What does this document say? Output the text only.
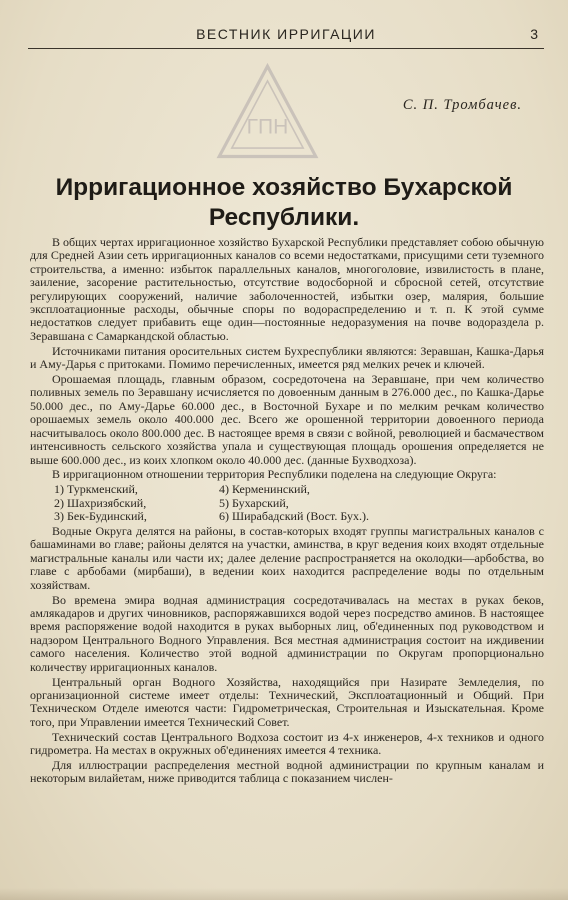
ВЕСТНИК ИРРИГАЦИИ	3
ГПН
С. П. Тромбачев.
Ирригационное хозяйство Бухарской
Республики.

В общих чертах ирригационное хозяйство Бухарской Республики представляет собою обычную для Средней Азии сеть ирригационных каналов со всеми недостатками, присущими сети туземного строительства, а именно: избыток параллельных каналов, многоголовие, извилистость в плане, заиление, засорение растительностью, отсутствие водосборной и сбросной сетей, отсутствие регулирующих сооружений, наличие заболоченностей, избытки озер, малярия, большие эксплоатационные расходы, обычные споры по водораспределению и т. п. К этой сумме недостатков следует прибавить еще один—постоянные недоразумения на почве водораздела р. Зеравшана с Самаркандской областью.

Источниками питания оросительных систем Бухреспублики являются: Зеравшан, Кашка-Дарья и Аму-Дарья с притоками. Помимо перечисленных, имеется ряд мелких речек и ключей.

Орошаемая площадь, главным образом, сосредоточена на Зеравшане, при чем количество поливных земель по Зеравшану исчисляется по довоенным данным в 276.000 дес., по Кашка-Дарье 50.000 дес., по Аму-Дарье 60.000 дес., в Восточной Бухаре и по мелким речкам количество орошаемых земель около 400.000 дес. Всего же орошенной территории довоенного периода насчитывалось около 800.000 дес. В настоящее время в связи с войной, революцией и басмачеством интенсивность сельского хозяйства упала и существующая площадь орошения определяется не выше 600.000 дес., из коих хлопком около 40.000 дес. (данные Бухводхоза).

В ирригационном отношении территория Республики поделена на следующие Округа:

1) Туркменский,	4) Керменинский,
2) Шахризябский,	5) Бухарский,
3) Бек-Будинский,	6) Ширабадский (Вост. Бух.).

Водные Округа делятся на районы, в состав-которых входят группы магистральных каналов с башаминами во главе; районы делятся на участки, аминства, в круг ведения коих входят отдельные магистральные каналы или части их; далее деление распространяется на околодки—арбобства, во главе с арбобами (мирбаши), в ведении коих находится распределение воды по отдельным хозяйствам.

Во времена эмира водная администрация сосредотачивалась на местах в руках беков, амлякадаров и других чиновников, распоряжавшихся водой через посредство аминов. В настоящее время распоряжение водой находится в руках выборных лиц, об'единенных под руководством и надзором Центрального Водного Управления. Вся местная администрация состоит на иждивении самого населения. Количество этой водной администрации по Округам пропорционально количеству ирригационных каналов.

Центральный орган Водного Хозяйства, находящийся при Назирате Земледелия, по организационной системе имеет отделы: Технический, Эксплоатационный и Общий. При Техническом Отделе имеются части: Гидрометрическая, Строительная и Изыскательная. Кроме того, при Управлении имеется Технический Совет.

Технический состав Центрального Водхоза состоит из 4-х инженеров, 4-х техников и одного гидрометра. На местах в окружных об'единениях имеется 4 техника.

Для иллюстрации распределения местной водной администрации по крупным каналам и некоторым вилайетам, ниже приводится таблица с показанием числен-
